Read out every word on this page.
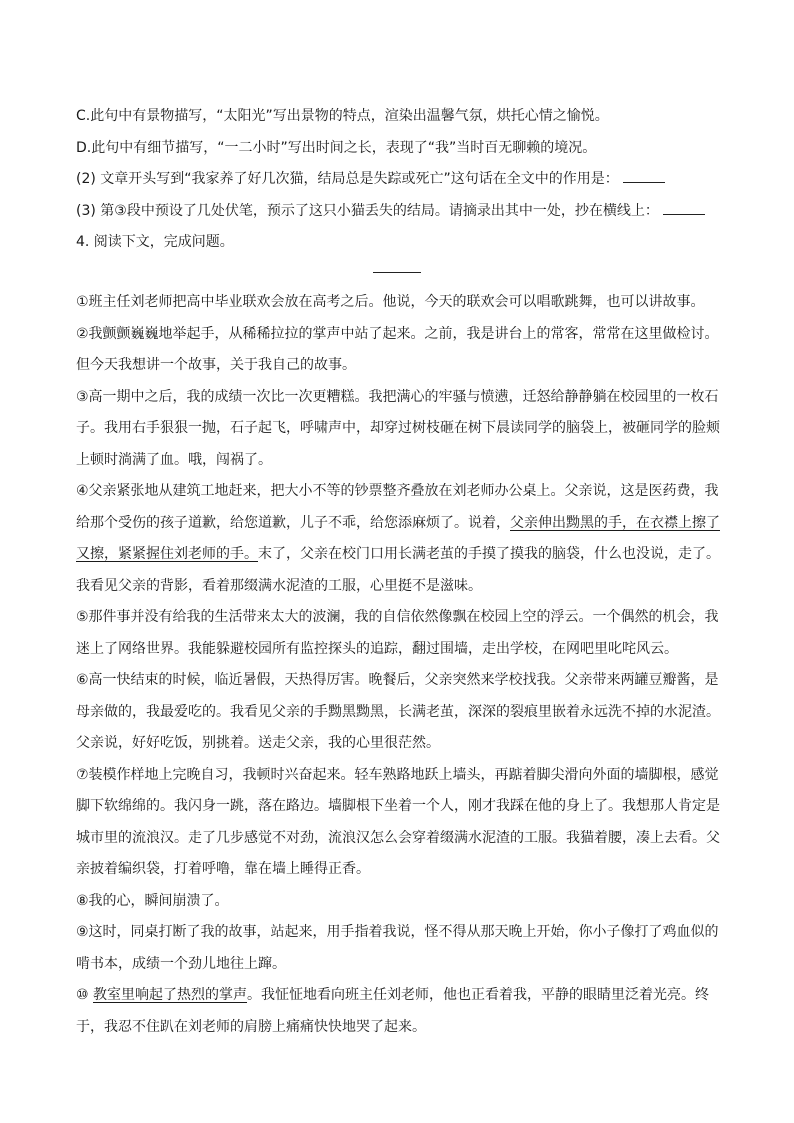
C.此句中有景物描写，“太阳光”写出景物的特点，渲染出温馨气氛，烘托心情之愉悦。
D.此句中有细节描写，“一二小时”写出时间之长，表现了“我”当时百无聊赖的境况。
(2) 文章开头写到“我家养了好几次猫，结局总是失踪或死亡”这句话在全文中的作用是：
(3) 第③段中预设了几处伏笔，预示了这只小猫丢失的结局。请摘录出其中一处，抄在横线上：
4. 阅读下文，完成问题。
①班主任刘老师把高中毕业联欢会放在高考之后。他说，今天的联欢会可以唱歌跳舞，也可以讲故事。
②我颤颤巍巍地举起手，从稀稀拉拉的掌声中站了起来。之前，我是讲台上的常客，常常在这里做检讨。
但今天我想讲一个故事，关于我自己的故事。
③高一期中之后，我的成绩一次比一次更糟糕。我把满心的牢骚与愤懑，迁怒给静静躺在校园里的一枚石
子。我用右手狠狠一抛，石子起飞，呼啸声中，却穿过树枝砸在树下晨读同学的脑袋上，被砸同学的脸颊
上顿时淌满了血。哦，闯祸了。
④父亲紧张地从建筑工地赶来，把大小不等的钞票整齐叠放在刘老师办公桌上。父亲说，这是医药费，我
给那个受伤的孩子道歉，给您道歉，儿子不乖，给您添麻烦了。说着，父亲伸出黝黑的手，在衣襟上擦了
又擦，紧紧握住刘老师的手。末了，父亲在校门口用长满老茧的手摸了摸我的脑袋，什么也没说，走了。
我看见父亲的背影，看着那缀满水泥渣的工服，心里挺不是滋味。
⑤那件事并没有给我的生活带来太大的波澜，我的自信依然像飘在校园上空的浮云。一个偶然的机会，我
迷上了网络世界。我能躲避校园所有监控探头的追踪，翻过围墙，走出学校，在网吧里叱咤风云。
⑥高一快结束的时候，临近暑假，天热得厉害。晚餐后，父亲突然来学校找我。父亲带来两罐豆瓣酱，是
母亲做的，我最爱吃的。我看见父亲的手黝黑黝黑，长满老茧，深深的裂痕里嵌着永远洗不掉的水泥渣。
父亲说，好好吃饭，别挑着。送走父亲，我的心里很茫然。
⑦装模作样地上完晚自习，我顿时兴奋起来。轻车熟路地跃上墙头，再踮着脚尖滑向外面的墙脚根，感觉
脚下软绵绵的。我闪身一跳，落在路边。墙脚根下坐着一个人，刚才我踩在他的身上了。我想那人肯定是
城市里的流浪汉。走了几步感觉不对劲，流浪汉怎么会穿着缀满水泥渣的工服。我猫着腰，凑上去看。父
亲披着编织袋，打着呼噜，靠在墙上睡得正香。
⑧我的心，瞬间崩溃了。
⑨这时，同桌打断了我的故事，站起来，用手指着我说，怪不得从那天晚上开始，你小子像打了鸡血似的
啃书本，成绩一个劲儿地往上蹿。
⑩ 教室里响起了热烈的掌声。我怔怔地看向班主任刘老师，他也正看着我，平静的眼睛里泛着光亮。终
于，我忍不住趴在刘老师的肩膀上痛痛快快地哭了起来。
